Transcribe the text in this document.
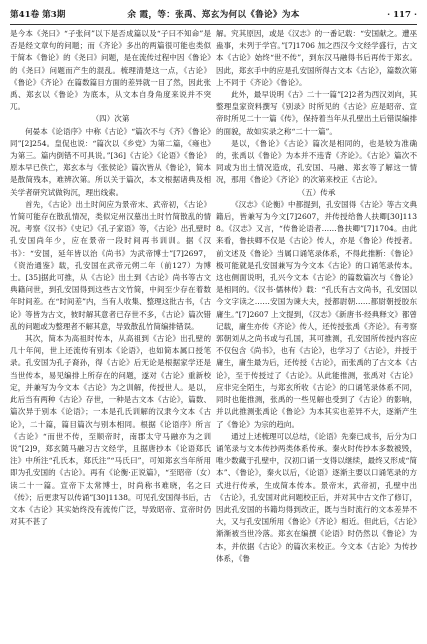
第41卷 第3期	余 霞，等：张禹、郑玄为何以《鲁论》为本	· 117 ·

是今本《尧曰》“子张问”以下是否成篇以及“子曰不知命”是否是经文章句的问题；而《齐论》多出的两篇很可能也类似于简本《鲁论》的《尧曰》问题，是在流传过程中因《鲁论》的《尧曰》问题而产生的混乱。梳理清楚这一点，《古论》《鲁论》《齐论》在篇数篇目方面的差异就一目了然，因此张禹、郑玄以《鲁论》为底本，从文本自身角度来说并不突兀。

（四）次第

何晏本《论语序》中称《古论》“篇次不与《齐》《鲁论》同”[2]254。皇侃也说：“篇次以《乡党》为第二篇，《雍也》为第三。篇内倒错不可具说。”[36]《古论》《论语》《鲁论》原本早已佚亡，郑玄本与《张侯论》篇次皆从《鲁论》，简本是散简残本，难辨次第。所以关于篇次，本文根据诸典及相关学者研究试做钩沉，理出线索。

首先，《古论》出土时间应为景帝末、武帝初，《古论》竹简可能存在散乱情况，类似定州汉墓出土时竹简散乱的情况。考察《汉书》《史记》《孔子家语》等，《古论》出孔壁时孔安国尚年少，应在景帝一段时间再书训训。据《汉书》：“安国，延年皆以治《尚书》为武帝博士”[7]2697，《资治通鉴》载，孔安国在武帝元朔二年（前127）为博士。[35]据此可推，从《古论》出土到《古论》尚书等古文典籍问世，到孔安国得到这些古文竹简，中间至少存在着数年时间差。在“时间差”内，当有人收集、整理这批古书，《古论》等皆为古文，彼时解其意者已存世不多，《古论》篇次错乱的问题或为整理者不解其意，导致散乱竹简编排错误。

其次，简本为高祖时传本，从高祖到《古论》出孔壁的几十年间，世上还流传有别本《论语》，也如简本属口授笔录。孔安国为孔子裔孙，得《古论》后无论是根据家学还是当世传本，易见编排上所存在的问题，遂对《古论》重新校定，并兼写为今文本《古论》为之训解，传授世人。是以，此后当有两种《古论》存世，一种是古文本《古论》，篇数、篇次异于别本《论语》；一本是孔氏训解的汉隶今文本《古论》，二十篇，篇目篇次与别本相同。根据《论语序》所言《古论》“而世不传，至顺帝时，南郡太守马融亦为之训说”[2]9，郑玄随马融习古文经学，且据唐抄本《论语郑氏注》中所注“孔氏本，郑氏注”“马氏曰”，可知郑玄当年所用即为孔安国的《古论》。再有《论衡·正说篇》，“至昭帝（女）读二十一篇。宣帝下太常博士，时尚称书难晓，名之曰《传》；后更隶写以传诵”[30]1138。可见孔安国得书后，古文本《古论》其实始终没有流传广泛，导致昭帝、宣帝时仍对其不甚了

解。究其原因，或是《汉志》的一番记载：“安国献之。遭巫蛊事，未列于学官。”[7]1706 加之西汉今文经学盛行，古文本《古论》始终“世不传”，到东汉马融得书后再传于郑玄。因此，郑玄手中的应是孔安国所得古文本《古论》，篇数次第上不同于《齐论》《鲁论》。

此外，最早说明《古》二十一篇”[2]2者为西汉刘向，其整理皇家资料撰写《别录》时所见的《古论》应是昭帝、宣帝时所见二十一篇《传》，保持着当年从孔壁出土后错误编排的面貌，故如实录之称“二十一篇”。

是以，《鲁论》《古论》篇次是相同的，也是较为准确的，张禹以《鲁论》为本并不违背《齐论》。《古论》篇次不同或为出土情况造成，孔安国、马融、郑玄等了解这一情况，那用《鲁论》《齐论》的次第来校正《古论》。

（五）传承

《汉志》《论衡》中都提到，孔安国得《古论》等古文典籍后，皆兼写为今文[7]2607，并传授给鲁人扶卿[30]1138。《汉志》又言，“传鲁论语者……鲁扶卿”[7]1704。由此来看，鲁扶卿不仅是《古论》传人，亦是《鲁论》传授者。前文述及《鲁论》当属口诵笔录体系，不得此推断：《鲁论》极可能就是孔安国兼写为今文本《古论》的口诵笔录传本。这也侧面说明，孔兴今文本《古论》的篇数篇次与《鲁论》是相同的。《汉书·儒林传》载：“孔氏有古文尚书，孔安国以今文字读之……安国为谏大夫，授都尉朝……都尉朝授胶东庸生。”[7]2607 上文提到，《汉志》《新唐书·经典释文》都曾记载，庸生亦传《齐论》传人，还传授张禹《齐论》。有考察郭朝刘从之尚书或与孔国，其可推测，孔安国所传授内容应不仅包含《尚书》，也有《古论》，也学习了《古论》，并授于庸生，庸生最为后，还传授《古论》，而张禹的了古文本《古论》，至于传授过了《古论》。从此能推测，张禹对《古论》应非完全陌生，与郑玄所收《古论》的口诵笔录体系不同，同时也能推测，张禹的一些见解也受到了《古论》的影响，并以此推测张禹论《鲁论》为本其实也差异不大，逐渐产生了《鲁论》为宗的趋向。

通过上述梳理可以总结，《论语》先秦已成书，后分为口诵笔录与文本传抄两类体系传承。秦火时传抄本多数被毁，唯少数藏于孔壁中，汉初口诵一支得以继续，最终又形成“简本”、《鲁论》，秦火以后，《论语》逐渐主要以口诵笔录的方式进行传承，生成简本传本。景帝末，武帝初，孔壁中出《古论》，孔安国对此问题校正后，并对其中古文作了修订，因此孔安国的书籍均得到改正，既与当时流行的文本差异不大，又与孔安国所用《鲁论》《齐论》相近。但此后，《古论》渐渐被当世冷落。郑玄在编撰《论语》时仍然以《鲁论》为本，并依据《古论》的篇次来校正。今文本《古论》为传抄体系，《鲁
